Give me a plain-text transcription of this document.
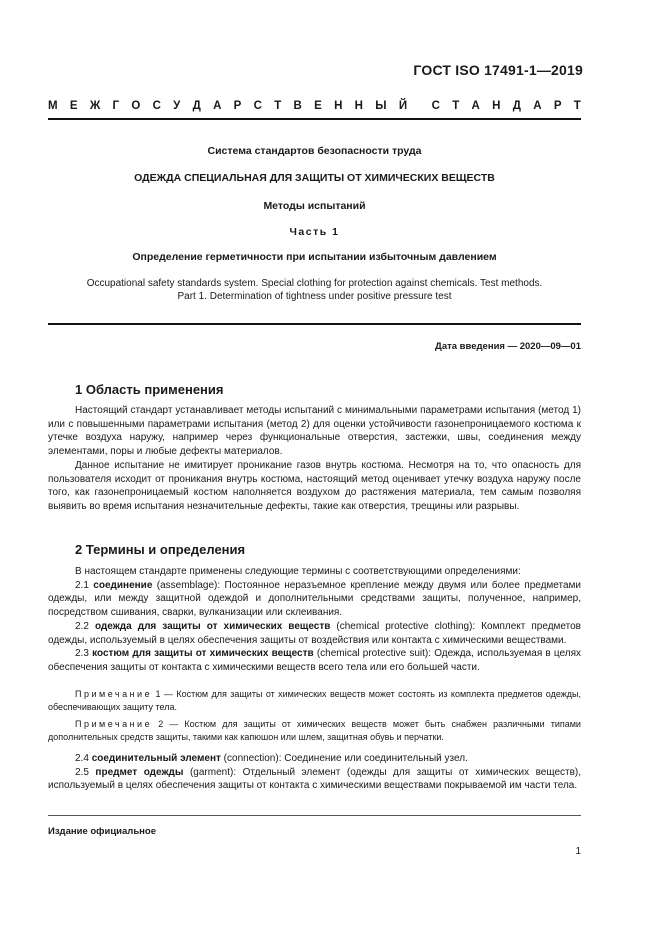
ГОСТ ISO 17491-1—2019
М Е Ж Г О С У Д А Р С Т В Е Н Н Ы Й С Т А Н Д А Р Т
Система стандартов безопасности труда
ОДЕЖДА СПЕЦИАЛЬНАЯ ДЛЯ ЗАЩИТЫ ОТ ХИМИЧЕСКИХ ВЕЩЕСТВ
Методы испытаний
Часть 1
Определение герметичности при испытании избыточным давлением
Occupational safety standards system. Special clothing for protection against chemicals. Test methods.
Part 1. Determination of tightness under positive pressure test
Дата введения — 2020—09—01
1 Область применения

Настоящий стандарт устанавливает методы испытаний с минимальными параметрами испытания (метод 1) или с повышенными параметрами испытания (метод 2) для оценки устойчивости газонепроницаемого костюма к утечке воздуха наружу, например через функциональные отверстия, застежки, швы, соединения между элементами, поры и любые дефекты материалов.

Данное испытание не имитирует проникание газов внутрь костюма. Несмотря на то, что опасность для пользователя исходит от проникания внутрь костюма, настоящий метод оценивает утечку воздуха наружу после того, как газонепроницаемый костюм наполняется воздухом до растяжения материала, тем самым позволяя выявить во время испытания незначительные дефекты, такие как отверстия, трещины или разрывы.

2 Термины и определения

В настоящем стандарте применены следующие термины с соответствующими определениями:

2.1 соединение (assemblage): Постоянное неразъемное крепление между двумя или более предметами одежды, или между защитной одеждой и дополнительными средствами защиты, полученное, например, посредством сшивания, сварки, вулканизации или склеивания.

2.2 одежда для защиты от химических веществ (chemical protective clothing): Комплект предметов одежды, используемый в целях обеспечения защиты от воздействия или контакта с химическими веществами.

2.3 костюм для защиты от химических веществ (chemical protective suit): Одежда, используемая в целях обеспечения защиты от контакта с химическими веществ всего тела или его большей части.

Примечание 1 — Костюм для защиты от химических веществ может состоять из комплекта предметов одежды, обеспечивающих защиту тела.

Примечание 2 — Костюм для защиты от химических веществ может быть снабжен различными типами дополнительных средств защиты, такими как капюшон или шлем, защитная обувь и перчатки.

2.4 соединительный элемент (connection): Соединение или соединительный узел.

2.5 предмет одежды (garment): Отдельный элемент (одежды для защиты от химических веществ), используемый в целях обеспечения защиты от контакта с химическими веществами покрываемой им части тела.

Издание официальное
1
